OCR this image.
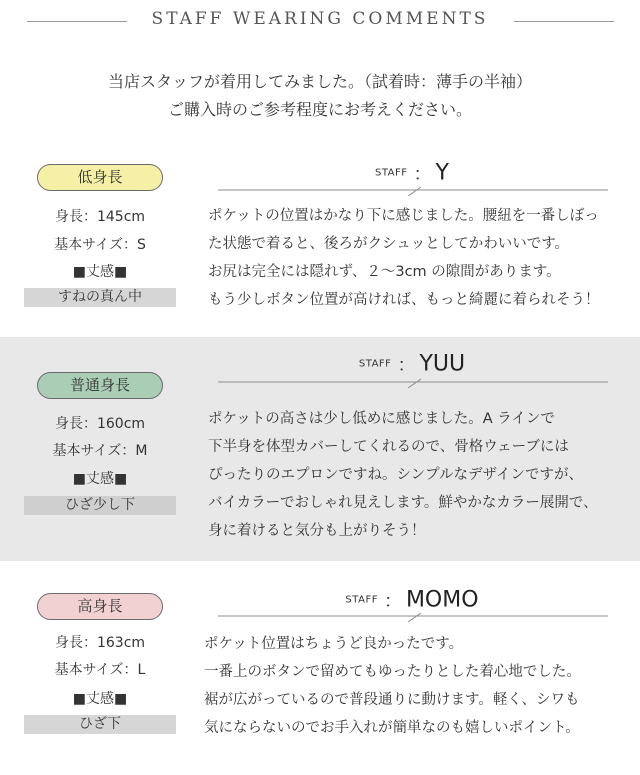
STAFF WEARING COMMENTS
当店スタッフが着用してみました。（試着時：薄手の半袖）
ご購入時のご参考程度にお考えください。
低身長
身長：145cm
基本サイズ：S
■丈感■
すねの真ん中
STAFF ： Y
ポケットの位置はかなり下に感じました。腰紐を一番しぼっ
た状態で着ると、後ろがクシュッとしてかわいいです。
お尻は完全には隠れず、２～3cm の隙間があります。
もう少しボタン位置が高ければ、もっと綺麗に着られそう！
普通身長
身長：160cm
基本サイズ：M
■丈感■
ひざ少し下
STAFF ： YUU
ポケットの高さは少し低めに感じました。A ラインで
下半身を体型カバーしてくれるので、骨格ウェーブには
ぴったりのエプロンですね。シンプルなデザインですが、
バイカラーでおしゃれ見えします。鮮やかなカラー展開で、
身に着けると気分も上がりそう！
高身長
身長：163cm
基本サイズ：L
■丈感■
ひざ下
STAFF ： MOMO
ポケット位置はちょうど良かったです。
一番上のボタンで留めてもゆったりとした着心地でした。
裾が広がっているので普段通りに動けます。軽く、シワも
気にならないのでお手入れが簡単なのも嬉しいポイント。
